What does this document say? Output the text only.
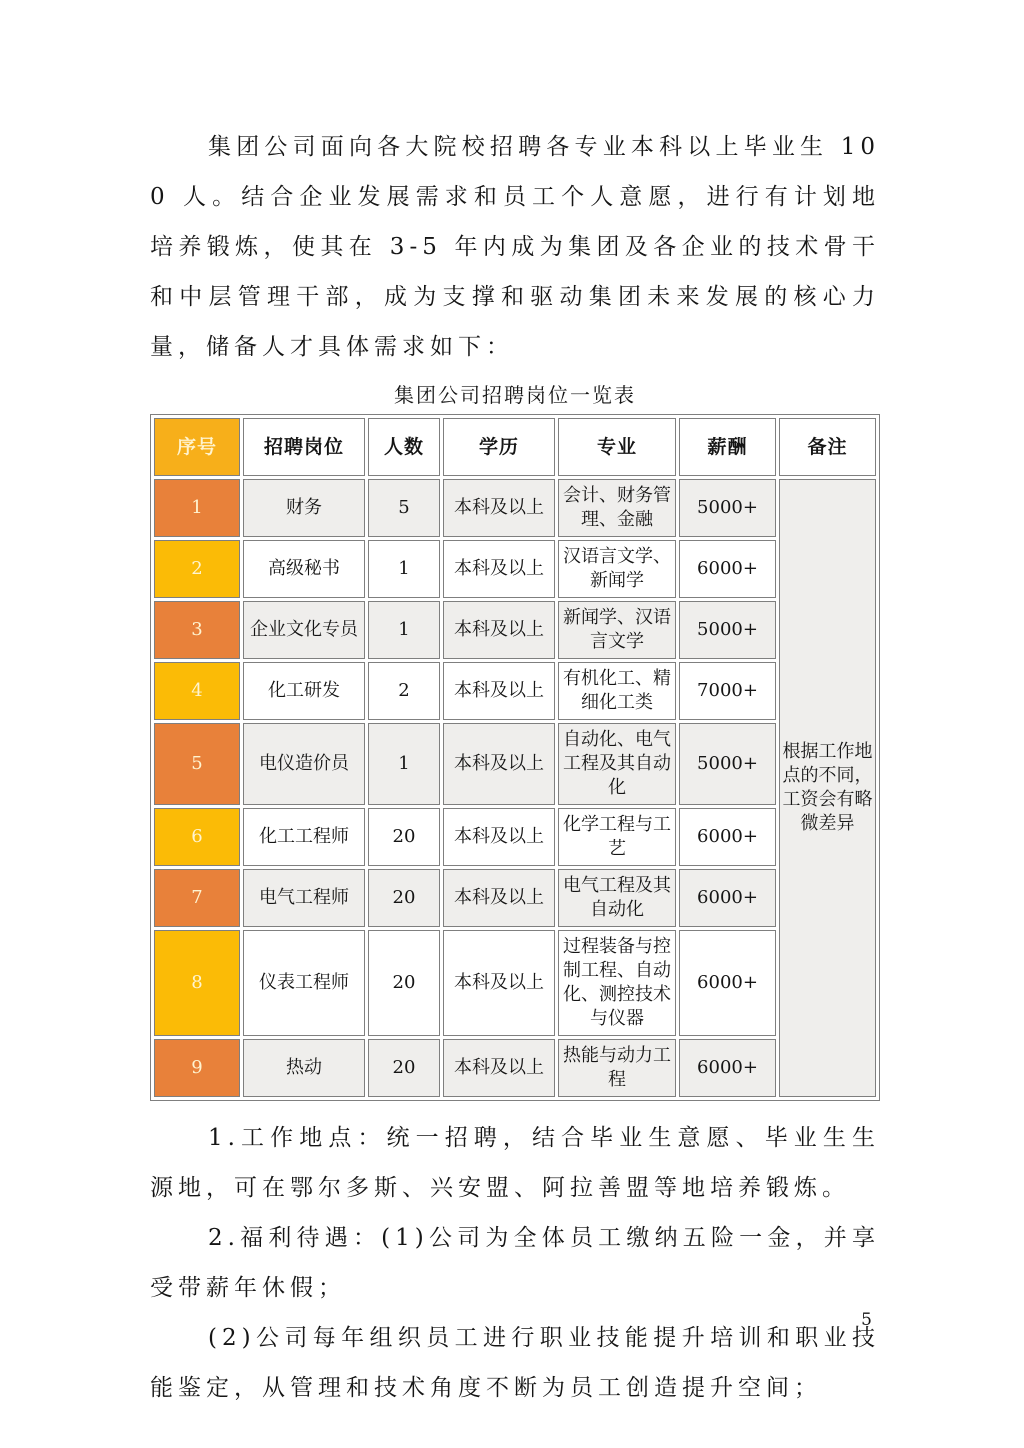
集团公司面向各大院校招聘各专业本科以上毕业生 100 人。结合企业发展需求和员工个人意愿，进行有计划地培养锻炼，使其在 3-5 年内成为集团及各企业的技术骨干和中层管理干部，成为支撑和驱动集团未来发展的核心力量，储备人才具体需求如下：

集团公司招聘岗位一览表
序号	招聘岗位	人数	学历	专业	薪酬	备注
1	财务	5	本科及以上	会计、财务管理、金融	5000+	根据工作地点的不同，工资会有略微差异
2	高级秘书	1	本科及以上	汉语言文学、新闻学	6000+	
3	企业文化专员	1	本科及以上	新闻学、汉语言文学	5000+	
4	化工研发	2	本科及以上	有机化工、精细化工类	7000+	
5	电仪造价员	1	本科及以上	自动化、电气工程及其自动化	5000+	
6	化工工程师	20	本科及以上	化学工程与工艺	6000+	
7	电气工程师	20	本科及以上	电气工程及其自动化	6000+	
8	仪表工程师	20	本科及以上	过程装备与控制工程、自动化、测控技术与仪器	6000+	
9	热动	20	本科及以上	热能与动力工程	6000+	

1.工作地点：统一招聘，结合毕业生意愿、毕业生生源地，可在鄂尔多斯、兴安盟、阿拉善盟等地培养锻炼。

2.福利待遇：(1)公司为全体员工缴纳五险一金，并享受带薪年休假；

(2)公司每年组织员工进行职业技能提升培训和职业技能鉴定，从管理和技术角度不断为员工创造提升空间；

5
